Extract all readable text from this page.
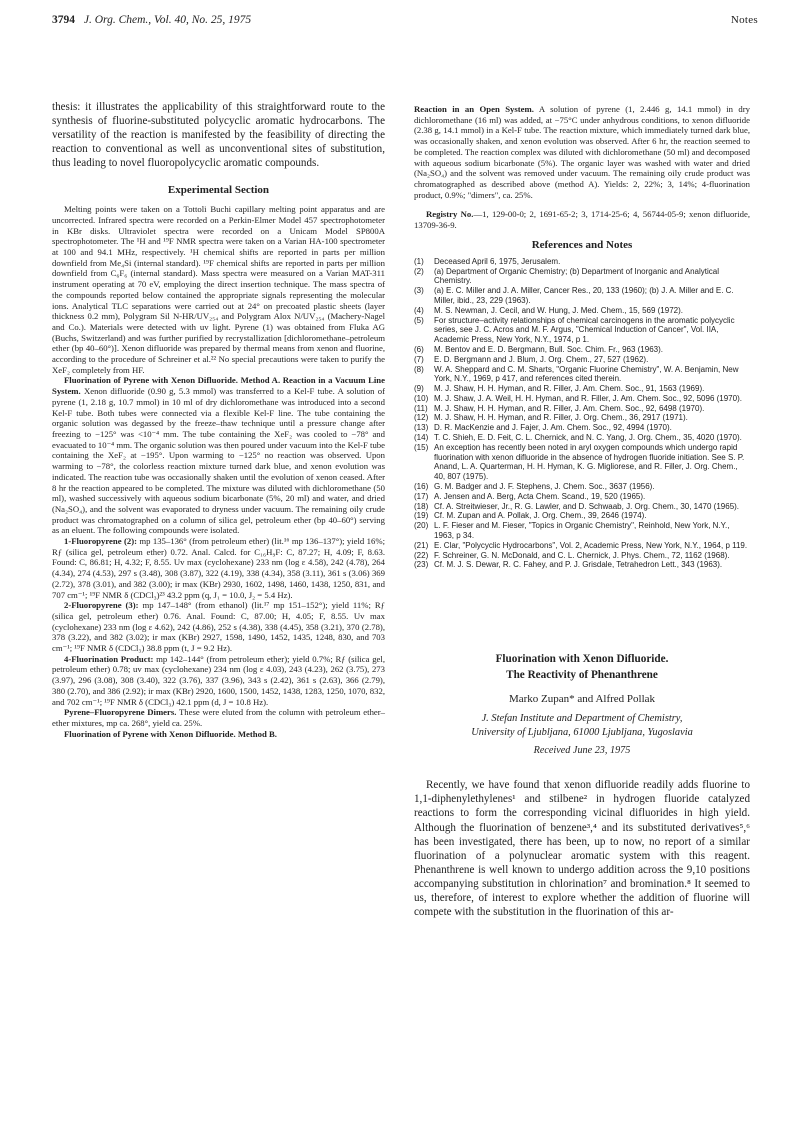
3794 J. Org. Chem., Vol. 40, No. 25, 1975	Notes

thesis: it illustrates the applicability of this straightforward route to the synthesis of fluorine-substituted polycyclic aromatic hydrocarbons. The versatility of the reaction is manifested by the feasibility of directing the reaction to conventional as well as unconventional sites of substitution, thus leading to novel fluoropolycyclic aromatic compounds.

Experimental Section

Melting points were taken on a Tottoli Buchi capillary melting point apparatus and are uncorrected. Infrared spectra were recorded on a Perkin-Elmer Model 457 spectrophotometer in KBr disks. Ultraviolet spectra were recorded on a Unicam Model SP800A spectrophotometer. The ¹H and ¹⁹F NMR spectra were taken on a Varian HA-100 spectrometer at 100 and 94.1 MHz, respectively. ¹H chemical shifts are reported in parts per million downfield from Me₄Si (internal standard). ¹⁹F chemical shifts are reported in parts per million downfield from C₆F₆ (internal standard). Mass spectra were measured on a Varian MAT-311 instrument operating at 70 eV, employing the direct insertion technique. The mass spectra of the compounds reported below contained the appropriate signals representing the molecular ions. Analytical TLC separations were carried out at 24° on precoated plastic sheets (layer thickness 0.2 mm), Polygram Sil N-HR/UV₂₅₄ and Polygram Alox N/UV₂₅₄ (Machery-Nagel and Co.). Materials were detected with uv light. Pyrene (1) was obtained from Fluka AG (Buchs, Switzerland) and was further purified by recrystallization [dichloromethane–petroleum ether (bp 40–60°)]. Xenon difluoride was prepared by thermal means from xenon and fluorine, according to the procedure of Schreiner et al.²² No special precautions were taken to purify the XeF₂ completely from HF.

Fluorination of Pyrene with Xenon Difluoride. Method A. Reaction in a Vacuum Line System. Xenon difluoride (0.90 g, 5.3 mmol) was transferred to a Kel-F tube. A solution of pyrene (1, 2.18 g, 10.7 mmol) in 10 ml of dry dichloromethane was introduced into a second Kel-F tube. Both tubes were connected via a flexible Kel-F line. The tube containing the organic solution was degassed by the freeze–thaw technique until a pressure change after freezing to −125° was <10⁻⁴ mm. The tube containing the XeF₂ was cooled to −78° and evacuated to 10⁻⁴ mm. The organic solution was then poured under vacuum into the Kel-F tube containing the XeF₂ at −195°. Upon warming to −125° no reaction was observed. Upon warming to −78°, the colorless reaction mixture turned dark blue, and xenon evolution was indicated. The reaction tube was occasionally shaken until the evolution of xenon ceased. After 8 hr the reaction appeared to be completed. The mixture was diluted with dichloromethane (50 ml), washed successively with aqueous sodium bicarbonate (5%, 20 ml) and water, and dried (Na₂SO₄), and the solvent was evaporated to dryness under vacuum. The remaining oily crude product was chromatographed on a column of silica gel, petroleum ether (bp 40–60°) serving as an eluent. The following compounds were isolated.

1-Fluoropyrene (2): mp 135–136° (from petroleum ether) (lit.¹⁶ mp 136–137°); yield 16%; Rƒ (silica gel, petroleum ether) 0.72. Anal. Calcd. for C₁₆H₉F: C, 87.27; H, 4.09; F, 8.63. Found: C, 86.81; H, 4.32; F, 8.55. Uv max (cyclohexane) 233 nm (log ε 4.58), 242 (4.78), 264 (4.34), 274 (4.53), 297 s (3.48), 308 (3.87), 322 (4.19), 338 (4.34), 358 (3.11), 361 s (3.06) 369 (2.72), 378 (3.01), and 382 (3.00); ir max (KBr) 2930, 1602, 1498, 1460, 1438, 1250, 831, and 707 cm⁻¹; ¹⁹F NMR δ (CDCl₃)²³ 43.2 ppm (q, J₁ = 10.0, J₂ = 5.4 Hz).

2-Fluoropyrene (3): mp 147–148° (from ethanol) (lit.¹⁷ mp 151–152°); yield 11%; Rƒ (silica gel, petroleum ether) 0.76. Anal. Found: C, 87.00; H, 4.05; F, 8.55. Uv max (cyclohexane) 233 nm (log ε 4.62), 242 (4.86), 252 s (4.38), 338 (4.45), 358 (3.21), 370 (2.78), 378 (3.22), and 382 (3.02); ir max (KBr) 2927, 1598, 1490, 1452, 1435, 1248, 830, and 703 cm⁻¹; ¹⁹F NMR δ (CDCl₃) 38.8 ppm (t, J = 9.2 Hz).

4-Fluorination Product: mp 142–144° (from petroleum ether); yield 0.7%; Rƒ (silica gel, petroleum ether) 0.78; uv max (cyclohexane) 234 nm (log ε 4.03), 243 (4.23), 262 (3.75), 273 (3.97), 296 (3.08), 308 (3.40), 322 (3.76), 337 (3.96), 343 s (2.42), 361 s (2.63), 366 (2.79), 380 (2.70), and 386 (2.92); ir max (KBr) 2920, 1600, 1500, 1452, 1438, 1283, 1250, 1070, 832, and 702 cm⁻¹; ¹⁹F NMR δ (CDCl₃) 42.1 ppm (d, J = 10.8 Hz).

Pyrene–Fluoropyrene Dimers. These were eluted from the column with petroleum ether–ether mixtures, mp ca. 268°, yield ca. 25%.

Fluorination of Pyrene with Xenon Difluoride. Method B.

Reaction in an Open System. A solution of pyrene (1, 2.446 g, 14.1 mmol) in dry dichloromethane (16 ml) was added, at −75°C under anhydrous conditions, to xenon difluoride (2.38 g, 14.1 mmol) in a Kel-F tube. The reaction mixture, which immediately turned dark blue, was occasionally shaken, and xenon evolution was observed. After 6 hr, the reaction seemed to be completed. The reaction complex was diluted with dichloromethane (50 ml) and decomposed with aqueous sodium bicarbonate (5%). The organic layer was washed with water and dried (Na₂SO₄) and the solvent was removed under vacuum. The remaining oily crude product was chromatographed as described above (method A). Yields: 2, 22%; 3, 14%; 4-fluorination product, 0.9%; "dimers", ca. 25%.

Registry No.—1, 129-00-0; 2, 1691-65-2; 3, 1714-25-6; 4, 56744-05-9; xenon difluoride, 13709-36-9.

References and Notes
(1)	Deceased April 6, 1975, Jerusalem.
(2)	(a) Department of Organic Chemistry; (b) Department of Inorganic and Analytical Chemistry.
(3)	(a) E. C. Miller and J. A. Miller, Cancer Res., 20, 133 (1960); (b) J. A. Miller and E. C. Miller, ibid., 23, 229 (1963).
(4)	M. S. Newman, J. Cecil, and W. Hung, J. Med. Chem., 15, 569 (1972).
(5)	For structure–activity relationships of chemical carcinogens in the aromatic polycyclic series, see J. C. Acros and M. F. Argus, "Chemical Induction of Cancer", Vol. IIA, Academic Press, New York, N.Y., 1974, p 1.
(6)	M. Bentov and E. D. Bergmann, Bull. Soc. Chim. Fr., 963 (1963).
(7)	E. D. Bergmann and J. Blum, J. Org. Chem., 27, 527 (1962).
(8)	W. A. Sheppard and C. M. Sharts, "Organic Fluorine Chemistry", W. A. Benjamin, New York, N.Y., 1969, p 417, and references cited therein.
(9)	M. J. Shaw, H. H. Hyman, and R. Filler, J. Am. Chem. Soc., 91, 1563 (1969).
(10) M. J. Shaw, J. A. Weil, H. H. Hyman, and R. Filler, J. Am. Chem. Soc., 92, 5096 (1970).
(11) M. J. Shaw, H. H. Hyman, and R. Filler, J. Am. Chem. Soc., 92, 6498 (1970).
(12) M. J. Shaw, H. H. Hyman, and R. Filler, J. Org. Chem., 36, 2917 (1971).
(13) D. R. MacKenzie and J. Fajer, J. Am. Chem. Soc., 92, 4994 (1970).
(14) T. C. Shieh, E. D. Feit, C. L. Chernick, and N. C. Yang, J. Org. Chem., 35, 4020 (1970).
(15) An exception has recently been noted in aryl oxygen compounds which undergo rapid fluorination with xenon difluoride in the absence of hydrogen fluoride initiation. See S. P. Anand, L. A. Quarterman, H. H. Hyman, K. G. Migliorese, and R. Filler, J. Org. Chem., 40, 807 (1975).
(16) G. M. Badger and J. F. Stephens, J. Chem. Soc., 3637 (1956).
(17) A. Jensen and A. Berg, Acta Chem. Scand., 19, 520 (1965).
(18) Cf. A. Streitwieser, Jr., R. G. Lawler, and D. Schwaab, J. Org. Chem., 30, 1470 (1965).
(19) Cf. M. Zupan and A. Pollak, J. Org. Chem., 39, 2646 (1974).
(20) L. F. Fieser and M. Fieser, "Topics in Organic Chemistry", Reinhold, New York, N.Y., 1963, p 34.
(21) E. Clar, "Polycyclic Hydrocarbons", Vol. 2, Academic Press, New York, N.Y., 1964, p 119.
(22) F. Schreiner, G. N. McDonald, and C. L. Chernick, J. Phys. Chem., 72, 1162 (1968).
(23) Cf. M. J. S. Dewar, R. C. Fahey, and P. J. Grisdale, Tetrahedron Lett., 343 (1963).
Fluorination with Xenon Difluoride.
The Reactivity of Phenanthrene
Marko Zupan* and Alfred Pollak
J. Stefan Institute and Department of Chemistry,
University of Ljubljana, 61000 Ljubljana, Yugoslavia
Received June 23, 1975

Recently, we have found that xenon difluoride readily adds fluorine to 1,1-diphenylethylenes¹ and stilbene² in hydrogen fluoride catalyzed reactions to form the corresponding vicinal difluorides in high yield. Although the fluorination of benzene³,⁴ and its substituted derivatives⁵,⁶ has been investigated, there has been, up to now, no report of a similar fluorination of a polynuclear aromatic system with this reagent. Phenanthrene is well known to undergo addition across the 9,10 positions accompanying substitution in chlorination⁷ and bromination.⁸ It seemed to us, therefore, of interest to explore whether the addition of fluorine will compete with the substitution in the fluorination of this ar-
